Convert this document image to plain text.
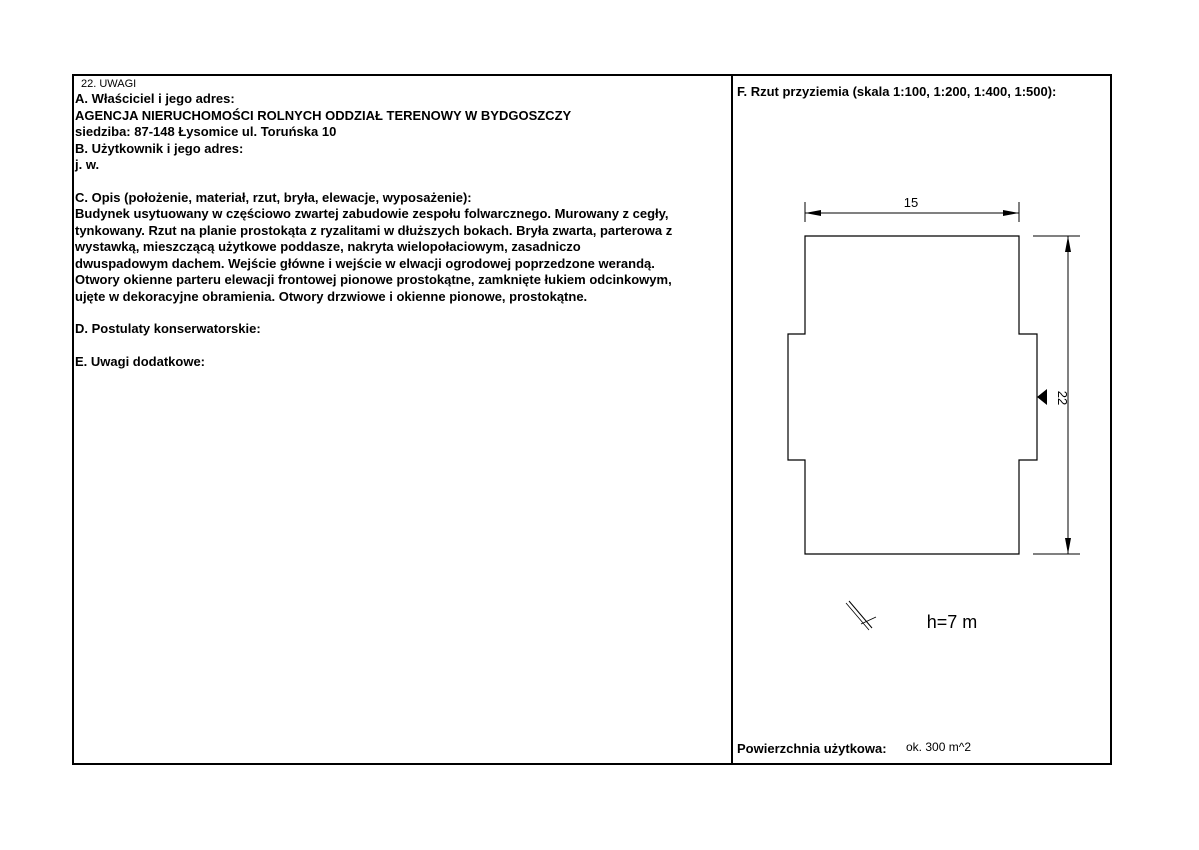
22. UWAGI
A. Właściciel i jego adres:
AGENCJA NIERUCHOMOŚCI ROLNYCH ODDZIAŁ TERENOWY W BYDGOSZCZY
siedziba: 87-148 Łysomice ul. Toruńska 10
B. Użytkownik i jego adres:
j. w.
C. Opis (położenie, materiał, rzut, bryła, elewacje, wyposażenie):
Budynek usytuowany w częściowo zwartej zabudowie zespołu folwarcznego. Murowany z cegły,
tynkowany. Rzut na planie prostokąta z ryzalitami w dłuższych bokach. Bryła zwarta, parterowa z
wystawką, mieszczącą użytkowe poddasze, nakryta wielopołaciowym, zasadniczo
dwuspadowym dachem. Wejście główne i wejście w elwacji ogrodowej poprzedzone werandą.
Otwory okienne parteru elewacji frontowej pionowe prostokątne, zamknięte łukiem odcinkowym,
ujęte w dekoracyjne obramienia. Otwory drzwiowe i okienne pionowe, prostokątne.
D. Postulaty konserwatorskie:
E. Uwagi dodatkowe:
F. Rzut przyziemia (skala 1:100, 1:200, 1:400, 1:500):
15
22
h=7 m
Powierzchnia użytkowa: ok. 300 m^2
